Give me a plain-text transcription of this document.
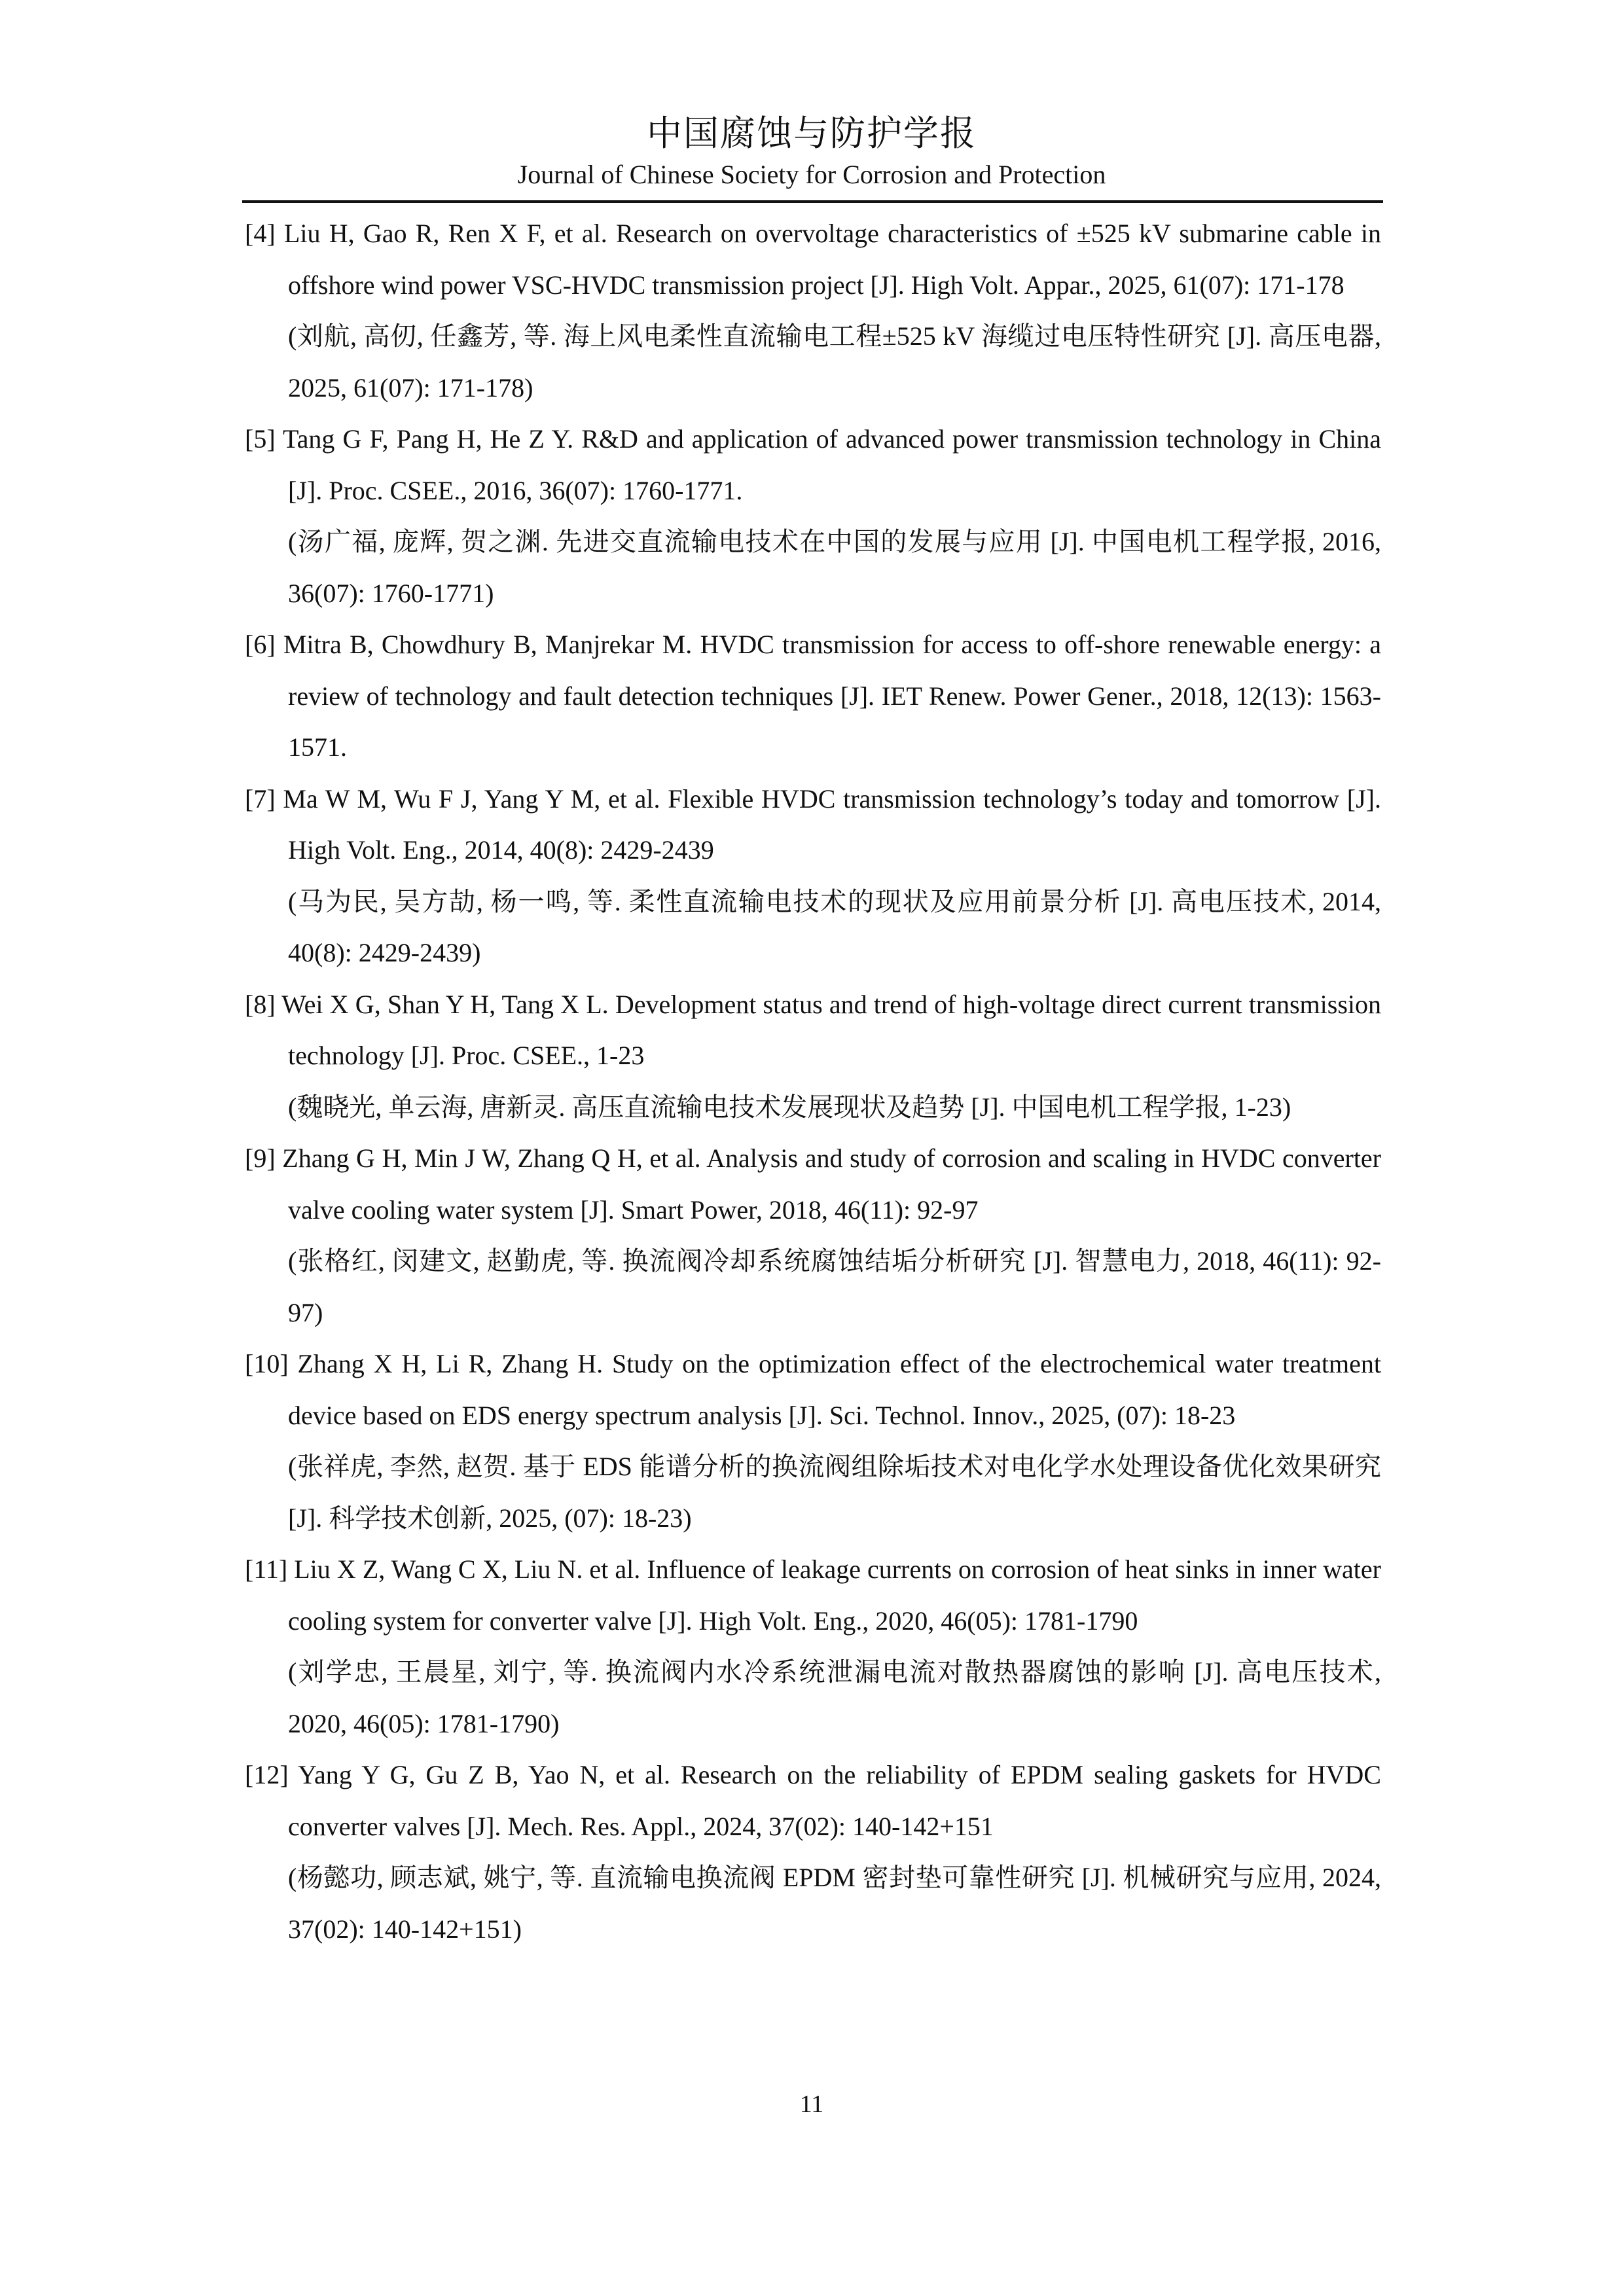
中国腐蚀与防护学报
Journal of Chinese Society for Corrosion and Protection
[4] Liu H, Gao R, Ren X F, et al. Research on overvoltage characteristics of ±525 kV submarine cable in offshore wind power VSC-HVDC transmission project [J]. High Volt. Appar., 2025, 61(07): 171-178
(刘航, 高仞, 任鑫芳, 等. 海上风电柔性直流输电工程±525 kV 海缆过电压特性研究 [J]. 高压电器, 2025, 61(07): 171-178)
[5] Tang G F, Pang H, He Z Y. R&D and application of advanced power transmission technology in China [J]. Proc. CSEE., 2016, 36(07): 1760-1771.
(汤广福, 庞辉, 贺之渊. 先进交直流输电技术在中国的发展与应用 [J]. 中国电机工程学报, 2016, 36(07): 1760-1771)
[6] Mitra B, Chowdhury B, Manjrekar M. HVDC transmission for access to off-shore renewable energy: a review of technology and fault detection techniques [J]. IET Renew. Power Gener., 2018, 12(13): 1563-1571.
[7] Ma W M, Wu F J, Yang Y M, et al. Flexible HVDC transmission technology’s today and tomorrow [J]. High Volt. Eng., 2014, 40(8): 2429-2439
(马为民, 吴方劼, 杨一鸣, 等. 柔性直流输电技术的现状及应用前景分析 [J]. 高电压技术, 2014, 40(8): 2429-2439)
[8] Wei X G, Shan Y H, Tang X L. Development status and trend of high-voltage direct current transmission technology [J]. Proc. CSEE., 1-23
(魏晓光, 单云海, 唐新灵. 高压直流输电技术发展现状及趋势 [J]. 中国电机工程学报, 1-23)
[9] Zhang G H, Min J W, Zhang Q H, et al. Analysis and study of corrosion and scaling in HVDC converter valve cooling water system [J]. Smart Power, 2018, 46(11): 92-97
(张格红, 闵建文, 赵勤虎, 等. 换流阀冷却系统腐蚀结垢分析研究 [J]. 智慧电力, 2018, 46(11): 92-97)
[10] Zhang X H, Li R, Zhang H. Study on the optimization effect of the electrochemical water treatment device based on EDS energy spectrum analysis [J]. Sci. Technol. Innov., 2025, (07): 18-23
(张祥虎, 李然, 赵贺. 基于 EDS 能谱分析的换流阀组除垢技术对电化学水处理设备优化效果研究 [J]. 科学技术创新, 2025, (07): 18-23)
[11] Liu X Z, Wang C X, Liu N. et al. Influence of leakage currents on corrosion of heat sinks in inner water cooling system for converter valve [J]. High Volt. Eng., 2020, 46(05): 1781-1790
(刘学忠, 王晨星, 刘宁, 等. 换流阀内水冷系统泄漏电流对散热器腐蚀的影响 [J]. 高电压技术, 2020, 46(05): 1781-1790)
[12] Yang Y G, Gu Z B, Yao N, et al. Research on the reliability of EPDM sealing gaskets for HVDC converter valves [J]. Mech. Res. Appl., 2024, 37(02): 140-142+151
(杨懿功, 顾志斌, 姚宁, 等. 直流输电换流阀 EPDM 密封垫可靠性研究 [J]. 机械研究与应用, 2024, 37(02): 140-142+151)
11
